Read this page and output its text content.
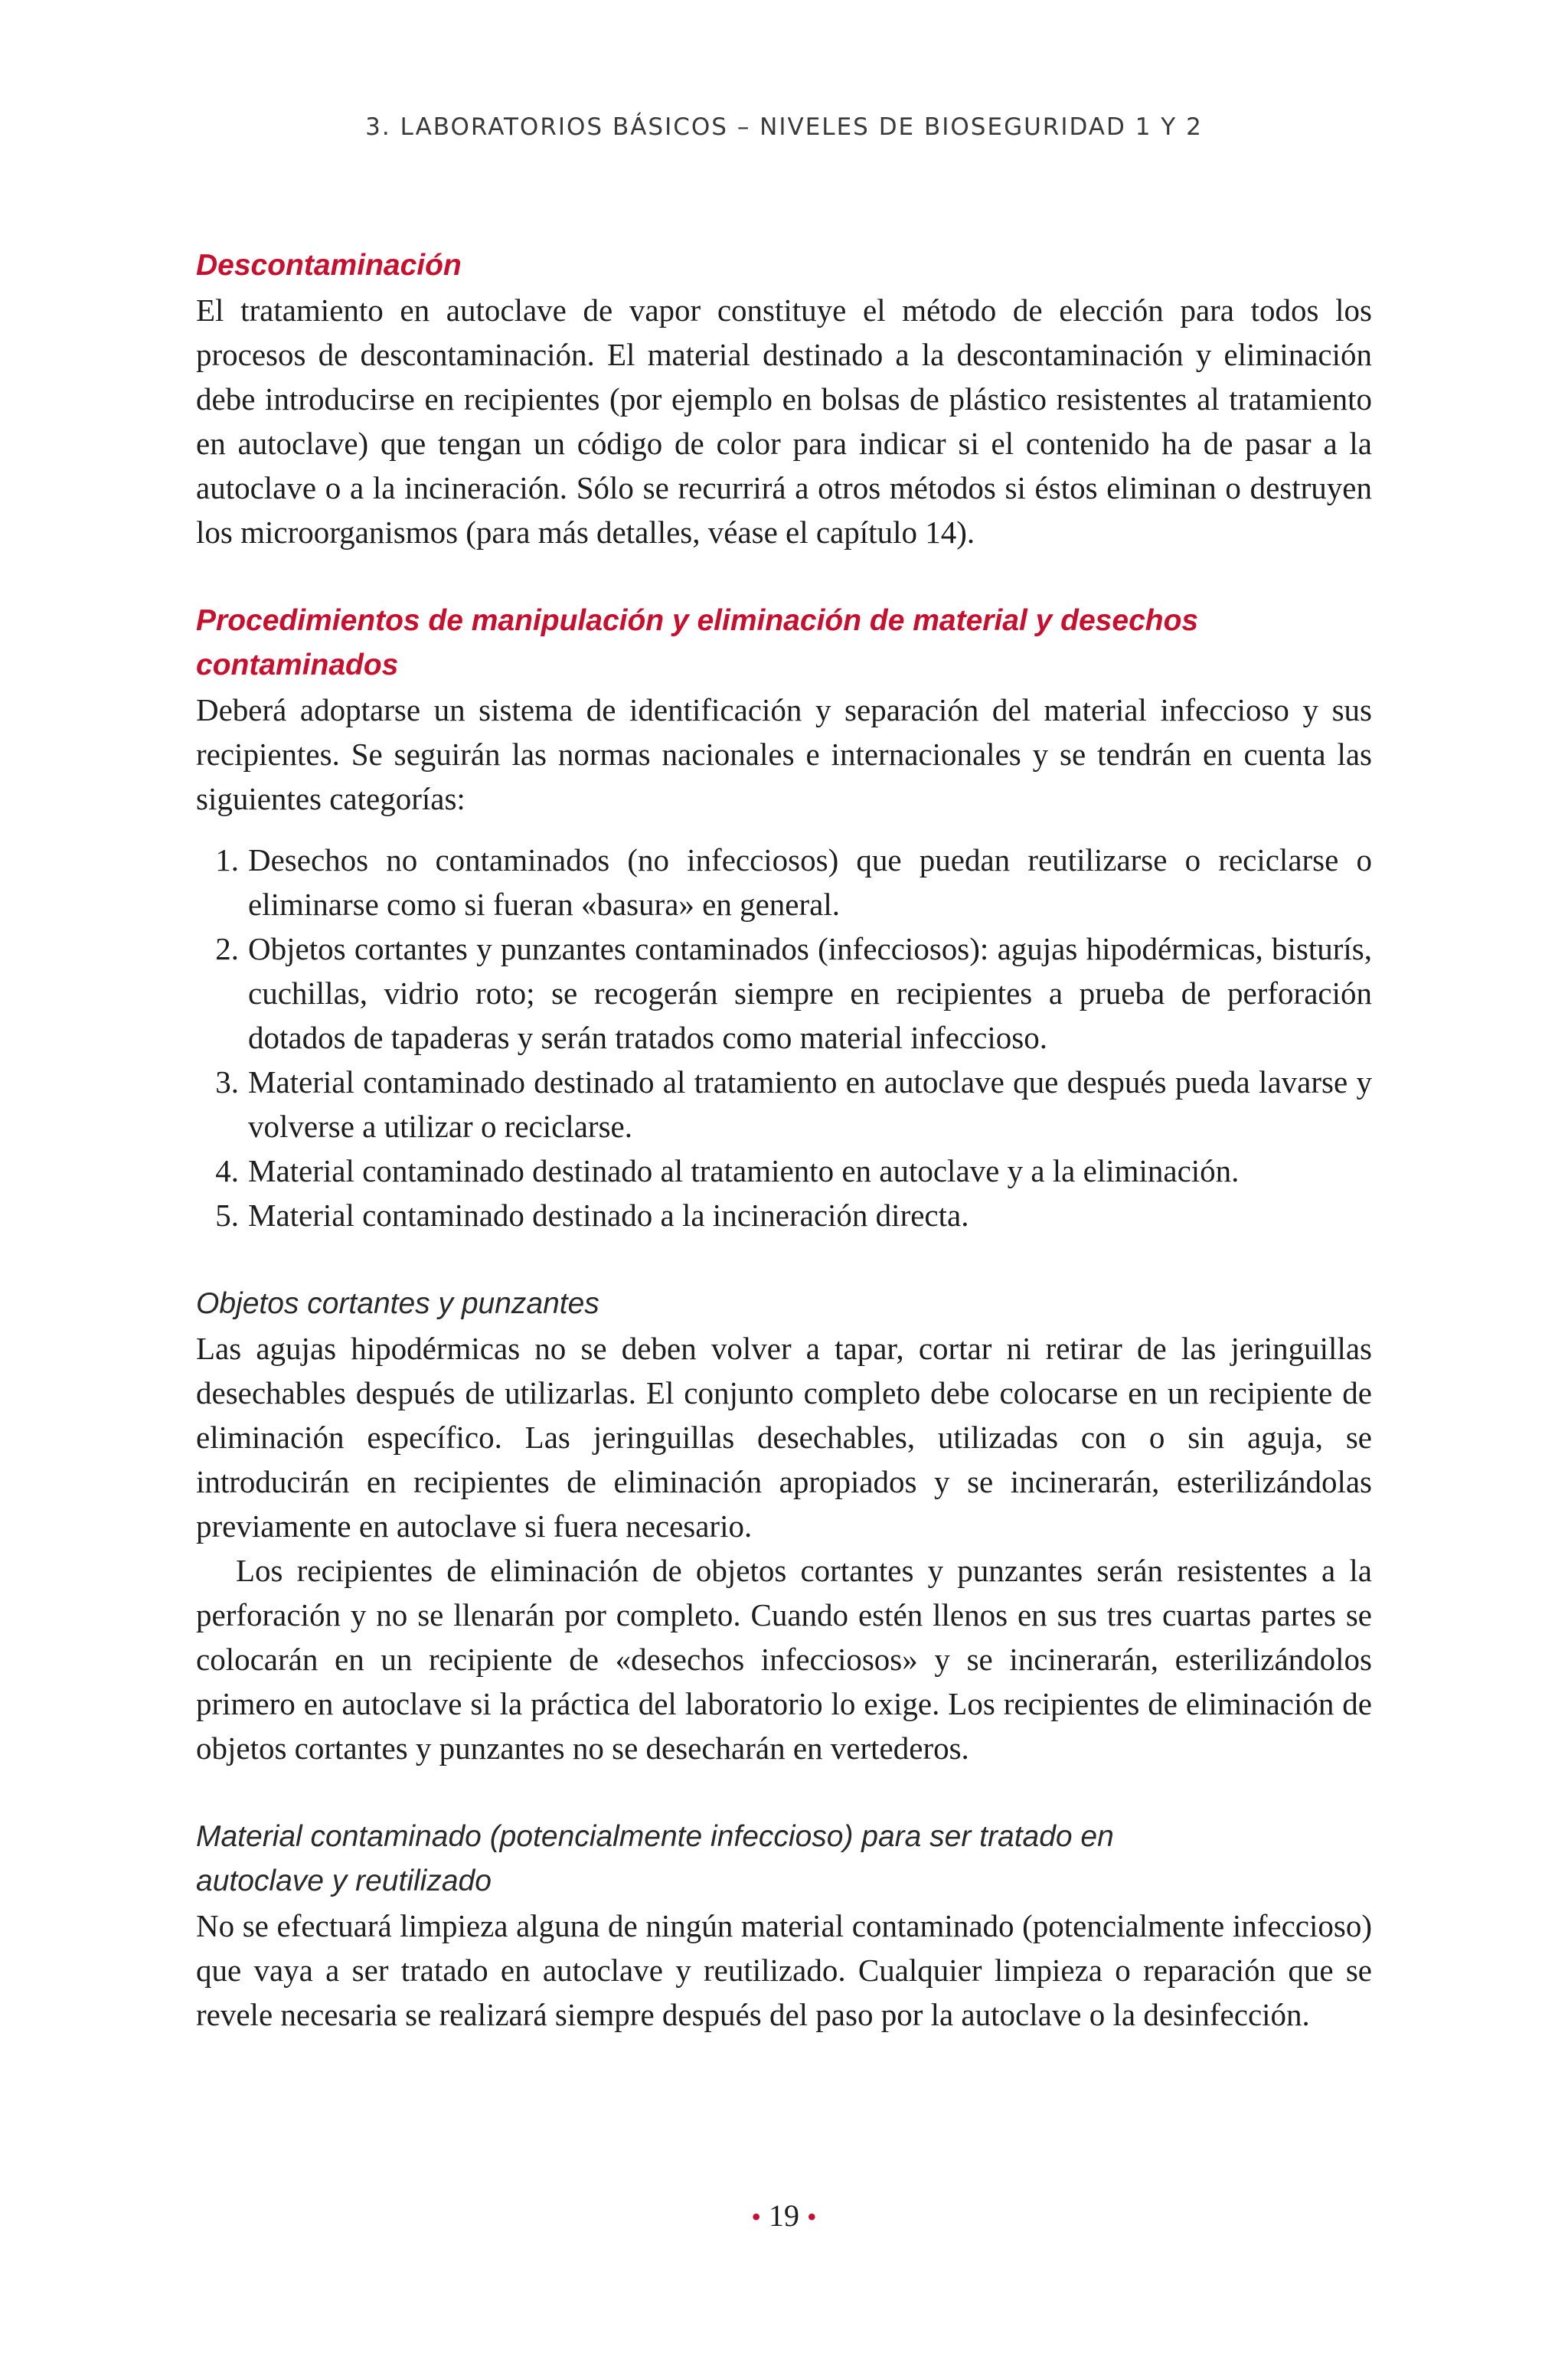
3. LABORATORIOS BÁSICOS – NIVELES DE BIOSEGURIDAD 1 Y 2
Descontaminación

El tratamiento en autoclave de vapor constituye el método de elección para todos los procesos de descontaminación. El material destinado a la descontaminación y eliminación debe introducirse en recipientes (por ejemplo en bolsas de plástico resistentes al tratamiento en autoclave) que tengan un código de color para indicar si el contenido ha de pasar a la autoclave o a la incineración. Sólo se recurrirá a otros métodos si éstos eliminan o destruyen los microorganismos (para más detalles, véase el capítulo 14).

Procedimientos de manipulación y eliminación de material y desechos contaminados

Deberá adoptarse un sistema de identificación y separación del material infeccioso y sus recipientes. Se seguirán las normas nacionales e internacionales y se tendrán en cuenta las siguientes categorías:

1. Desechos no contaminados (no infecciosos) que puedan reutilizarse o reciclarse o eliminarse como si fueran «basura» en general.
2. Objetos cortantes y punzantes contaminados (infecciosos): agujas hipodérmicas, bisturís, cuchillas, vidrio roto; se recogerán siempre en recipientes a prueba de perforación dotados de tapaderas y serán tratados como material infeccioso.
3. Material contaminado destinado al tratamiento en autoclave que después pueda lavarse y volverse a utilizar o reciclarse.
4. Material contaminado destinado al tratamiento en autoclave y a la eliminación.
5. Material contaminado destinado a la incineración directa.
Objetos cortantes y punzantes

Las agujas hipodérmicas no se deben volver a tapar, cortar ni retirar de las jeringuillas desechables después de utilizarlas. El conjunto completo debe colocarse en un recipiente de eliminación específico. Las jeringuillas desechables, utilizadas con o sin aguja, se introducirán en recipientes de eliminación apropiados y se incinerarán, esterilizándolas previamente en autoclave si fuera necesario.

Los recipientes de eliminación de objetos cortantes y punzantes serán resistentes a la perforación y no se llenarán por completo. Cuando estén llenos en sus tres cuartas partes se colocarán en un recipiente de «desechos infecciosos» y se incinerarán, esterilizándolos primero en autoclave si la práctica del laboratorio lo exige. Los recipientes de eliminación de objetos cortantes y punzantes no se desecharán en vertederos.

Material contaminado (potencialmente infeccioso) para ser tratado en
autoclave y reutilizado

No se efectuará limpieza alguna de ningún material contaminado (potencialmente infeccioso) que vaya a ser tratado en autoclave y reutilizado. Cualquier limpieza o reparación que se revele necesaria se realizará siempre después del paso por la autoclave o la desinfección.

• 19 •
